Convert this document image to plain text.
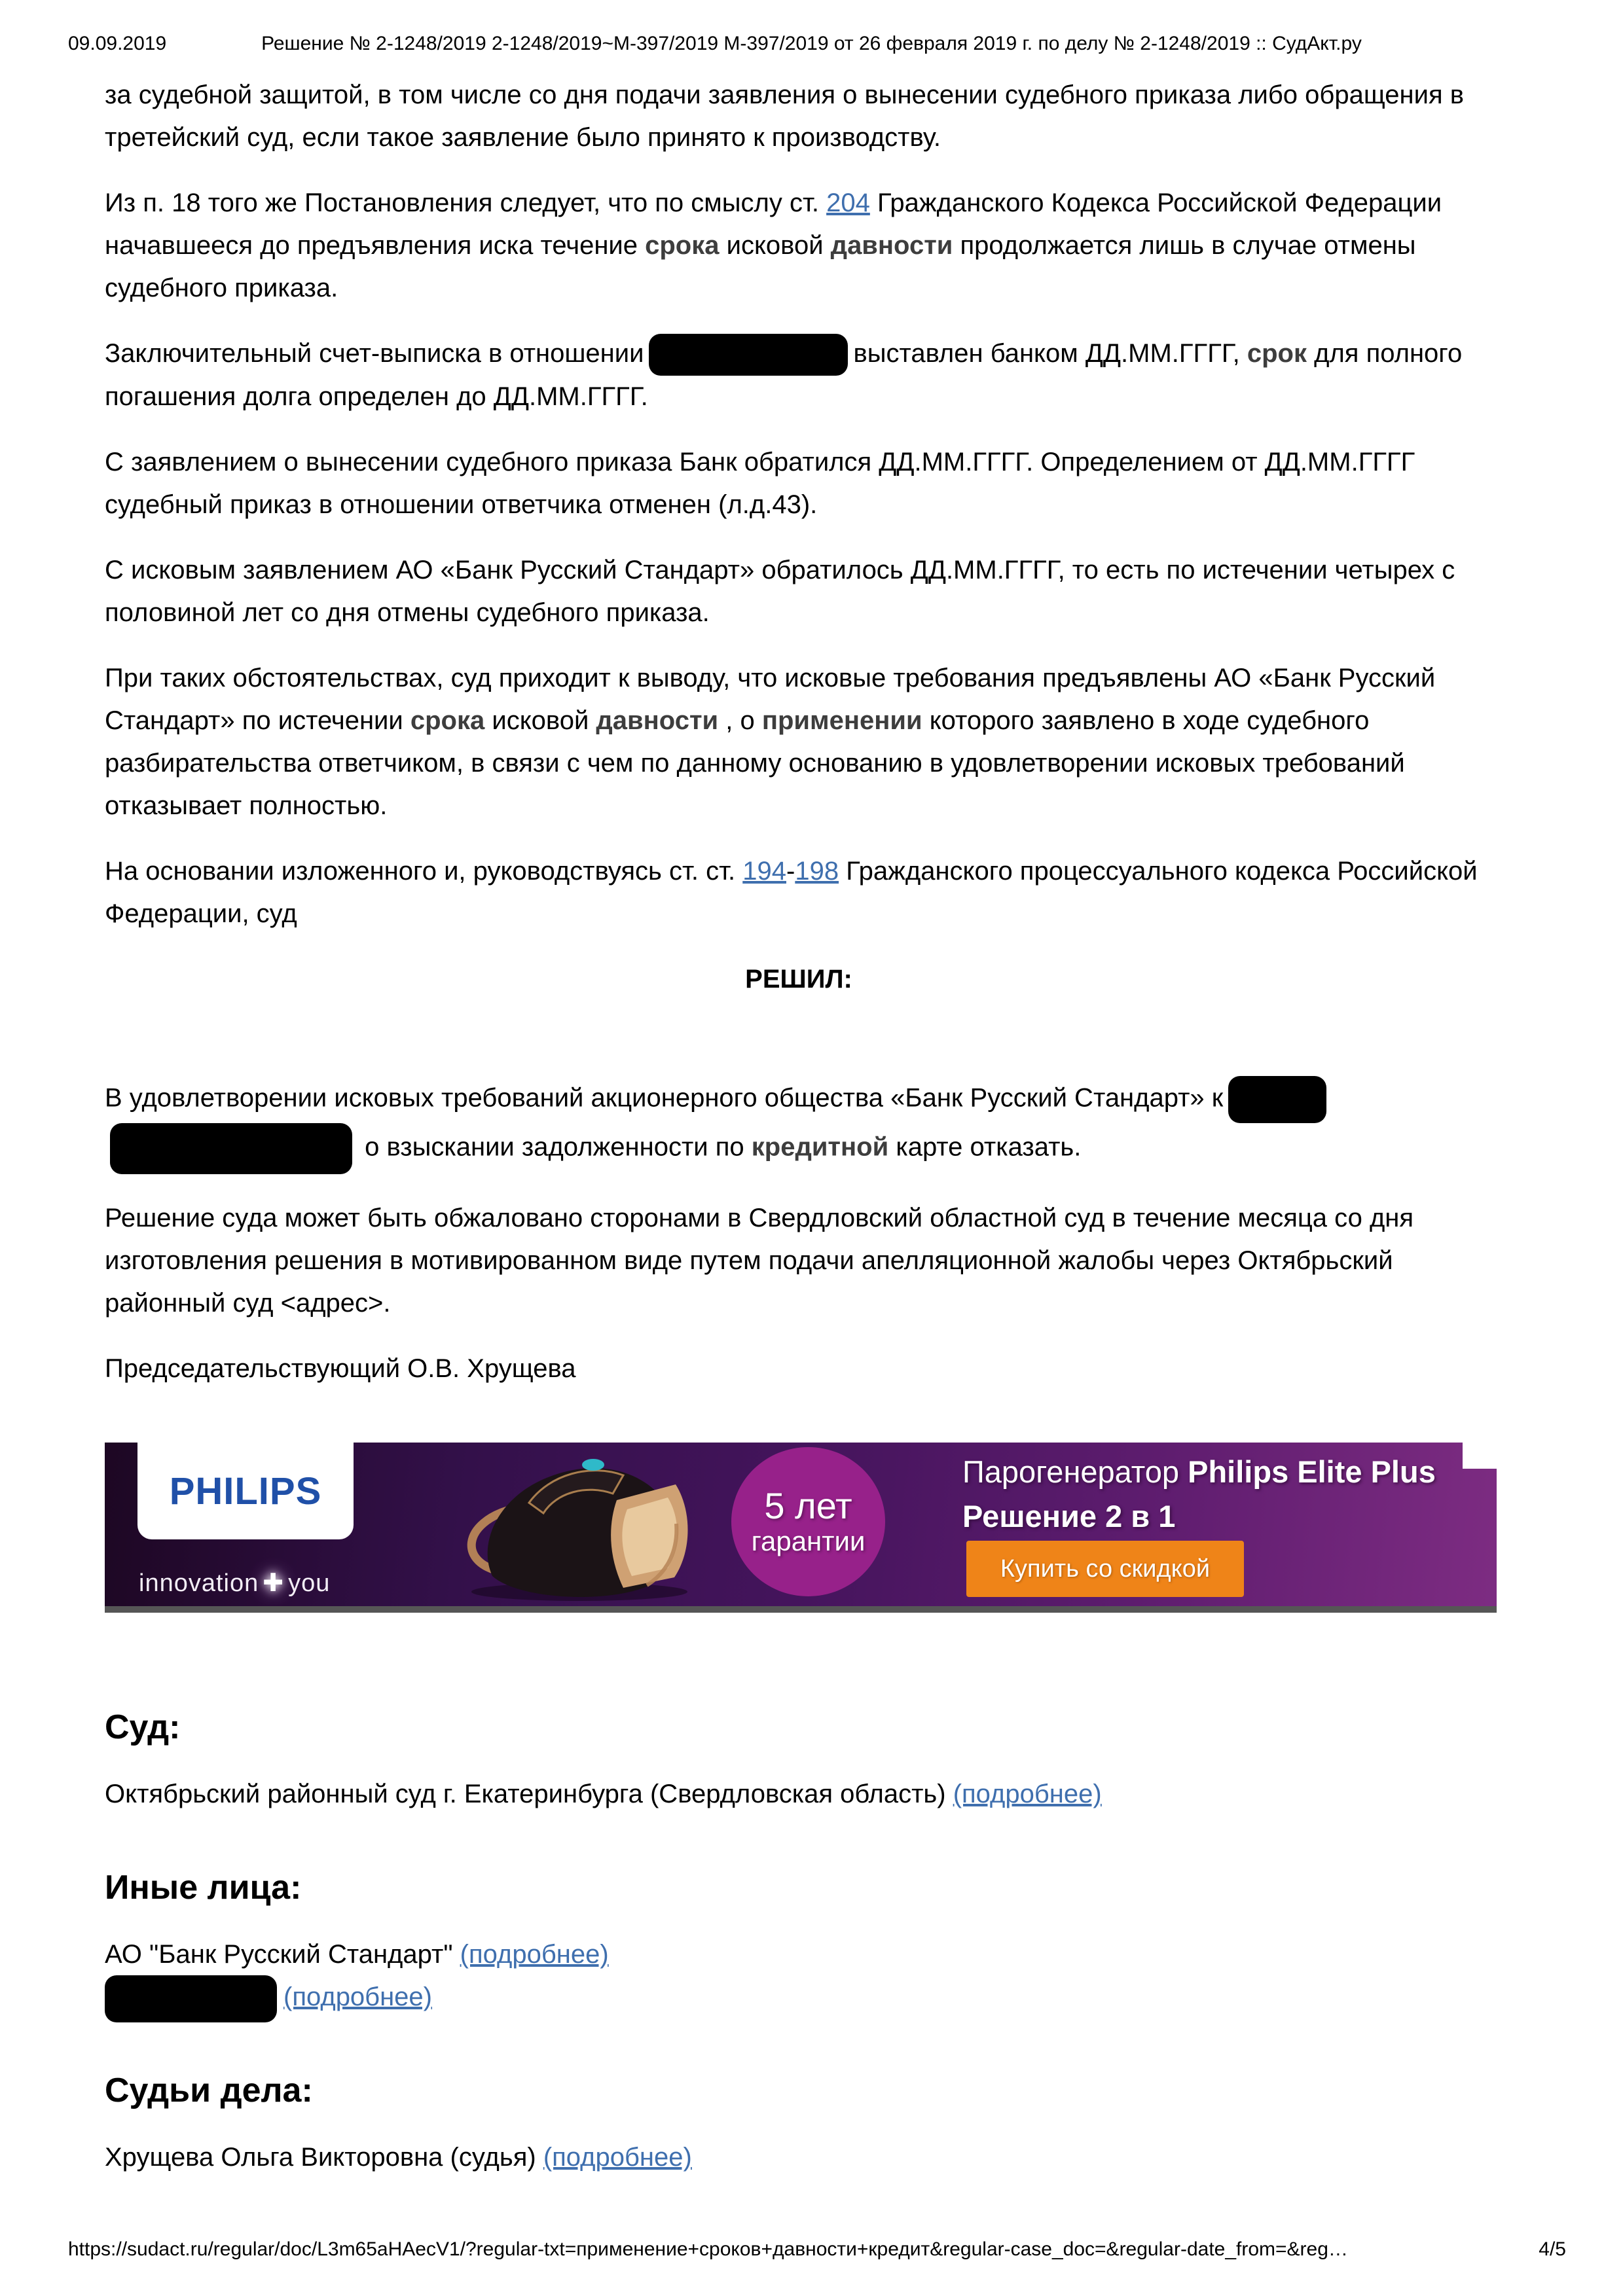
09.09.2019	Решение № 2-1248/2019 2-1248/2019~М-397/2019 М-397/2019 от 26 февраля 2019 г. по делу № 2-1248/2019 :: СудАкт.ру

за судебной защитой, в том числе со дня подачи заявления о вынесении судебного приказа либо обращения в третейский суд, если такое заявление было принято к производству.

Из п. 18 того же Постановления следует, что по смыслу ст. 204 Гражданского Кодекса Российской Федерации начавшееся до предъявления иска течение срока исковой давности продолжается лишь в случае отмены судебного приказа.

Заключительный счет-выписка в отношении	выставлен банком ДД.ММ.ГГГГ, срок для полного погашения долга определен до ДД.ММ.ГГГГ.

С заявлением о вынесении судебного приказа Банк обратился ДД.ММ.ГГГГ. Определением от ДД.ММ.ГГГГ судебный приказ в отношении ответчика отменен (л.д.43).

С исковым заявлением АО «Банк Русский Стандарт» обратилось ДД.ММ.ГГГГ, то есть по истечении четырех с половиной лет со дня отмены судебного приказа.

При таких обстоятельствах, суд приходит к выводу, что исковые требования предъявлены АО «Банк Русский Стандарт» по истечении срока исковой давности , о применении которого заявлено в ходе судебного разбирательства ответчиком, в связи с чем по данному основанию в удовлетворении исковых требований отказывает полностью.

На основании изложенного и, руководствуясь ст. ст. 194-198 Гражданского процессуального кодекса Российской Федерации, суд

РЕШИЛ:

В удовлетворении исковых требований акционерного общества «Банк Русский Стандарт» к
о взыскании задолженности по кредитной карте отказать.

Решение суда может быть обжаловано сторонами в Свердловский областной суд в течение месяца со дня изготовления решения в мотивированном виде путем подачи апелляционной жалобы через Октябрьский районный суд <адрес>.

Председательствующий О.В. Хрущева

PHILIPS
innovation ✚ you
5 лет
гарантии
Парогенератор Philips Elite Plus
Решение 2 в 1
Купить со скидкой
Суд:

Октябрьский районный суд г. Екатеринбурга (Свердловская область) (подробнее)

Иные лица:

АО "Банк Русский Стандарт" (подробнее)

(подробнее)

Судьи дела:

Хрущева Ольга Викторовна (судья) (подробнее)

https://sudact.ru/regular/doc/L3m65aHAecV1/?regular-txt=применение+сроков+давности+кредит&regular-case_doc=&regular-date_from=&reg…	4/5
